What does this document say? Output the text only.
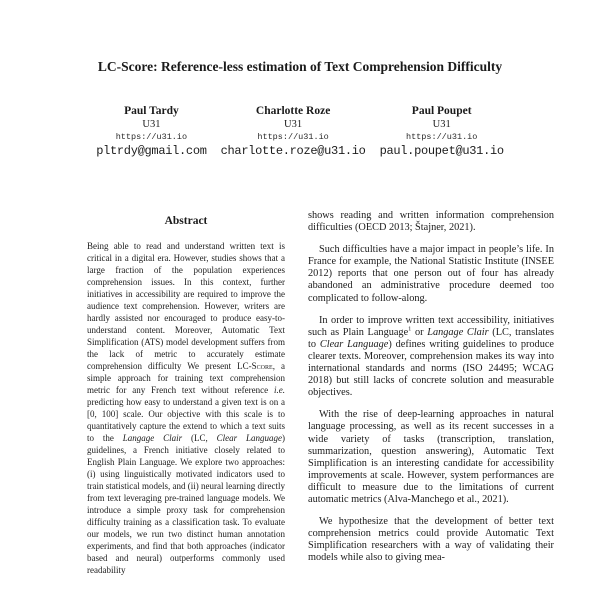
LC-Score: Reference-less estimation of Text Comprehension Difficulty
Paul Tardy
U31
https://u31.io
pltrdy@gmail.com
Charlotte Roze
U31
https://u31.io
charlotte.roze@u31.io
Paul Poupet
U31
https://u31.io
paul.poupet@u31.io
Abstract

Being able to read and understand written text is critical in a digital era. However, studies shows that a large fraction of the population experiences comprehension issues. In this context, further initiatives in accessibility are required to improve the audience text comprehension. However, writers are hardly assisted nor encouraged to produce easy-to-understand content. Moreover, Automatic Text Simplification (ATS) model development suffers from the lack of metric to accurately estimate comprehension difficulty We present LC-Score, a simple approach for training text comprehension metric for any French text without reference i.e. predicting how easy to understand a given text is on a [0, 100] scale. Our objective with this scale is to quantitatively capture the extend to which a text suits to the Langage Clair (LC, Clear Language) guidelines, a French initiative closely related to English Plain Language. We explore two approaches: (i) using linguistically motivated indicators used to train statistical models, and (ii) neural learning directly from text leveraging pre-trained language models. We introduce a simple proxy task for comprehension difficulty training as a classification task. To evaluate our models, we run two distinct human annotation experiments, and find that both approaches (indicator based and neural) outperforms commonly used readability

shows reading and written information comprehension difficulties (OECD 2013; Štajner, 2021).

Such difficulties have a major impact in people’s life. In France for example, the National Statistic Institute (INSEE 2012) reports that one person out of four has already abandoned an administrative procedure deemed too complicated to follow-along.

In order to improve written text accessibility, initiatives such as Plain Language$^1$ or Langage Clair (LC, translates to Clear Language) defines writing guidelines to produce clearer texts. Moreover, comprehension makes its way into international standards and norms (ISO 24495; WCAG 2018) but still lacks of concrete solution and measurable objectives.

With the rise of deep-learning approaches in natural language processing, as well as its recent successes in a wide variety of tasks (transcription, translation, summarization, question answering), Automatic Text Simplification is an interesting candidate for accessibility improvements at scale. However, system performances are difficult to measure due to the limitations of current automatic metrics (Alva-Manchego et al., 2021).

We hypothesize that the development of better text comprehension metrics could provide Automatic Text Simplification researchers with a way of validating their models while also to giving mea-
